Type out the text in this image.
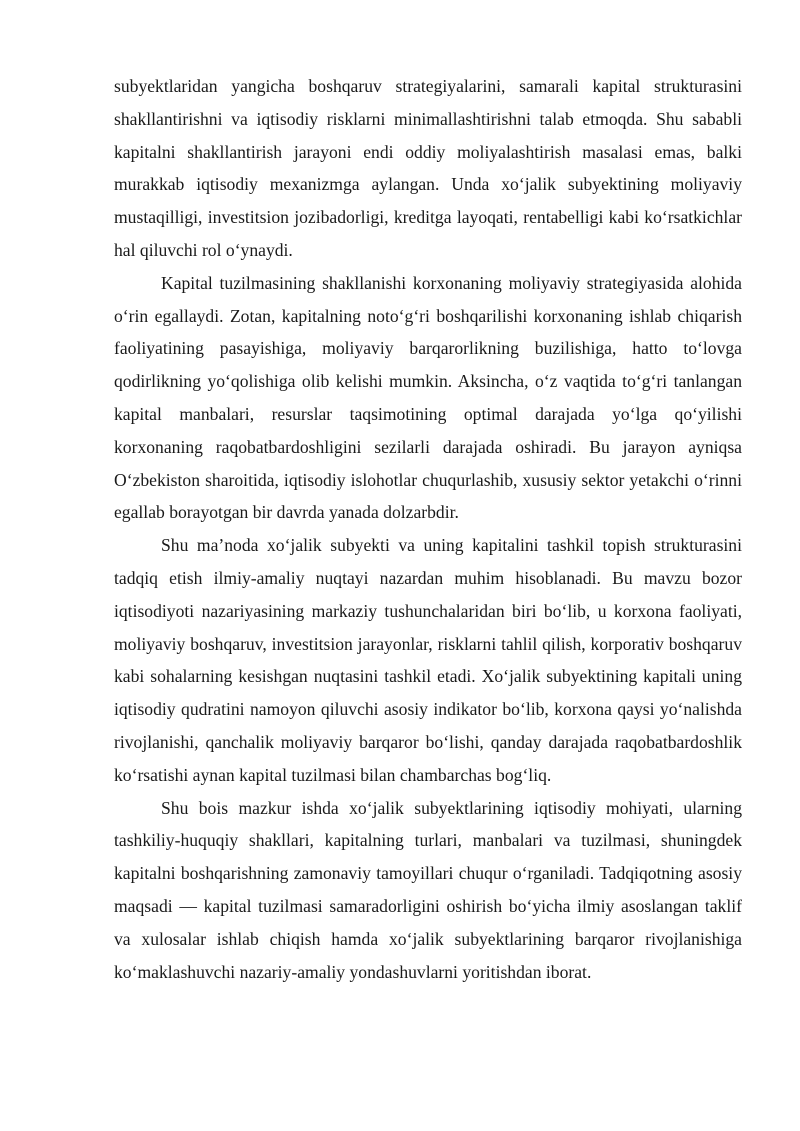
subyektlaridan yangicha boshqaruv strategiyalarini, samarali kapital strukturasini shakllantirishni va iqtisodiy risklarni minimallashtirishni talab etmoqda. Shu sababli kapitalni shakllantirish jarayoni endi oddiy moliyalashtirish masalasi emas, balki murakkab iqtisodiy mexanizmga aylangan. Unda xo‘jalik subyektining moliyaviy mustaqilligi, investitsion jozibadorligi, kreditga layoqati, rentabelligi kabi ko‘rsatkichlar hal qiluvchi rol o‘ynaydi.

Kapital tuzilmasining shakllanishi korxonaning moliyaviy strategiyasida alohida o‘rin egallaydi. Zotan, kapitalning noto‘g‘ri boshqarilishi korxonaning ishlab chiqarish faoliyatining pasayishiga, moliyaviy barqarorlikning buzilishiga, hatto to‘lovga qodirlikning yo‘qolishiga olib kelishi mumkin. Aksincha, o‘z vaqtida to‘g‘ri tanlangan kapital manbalari, resurslar taqsimotining optimal darajada yo‘lga qo‘yilishi korxonaning raqobatbardoshligini sezilarli darajada oshiradi. Bu jarayon ayniqsa O‘zbekiston sharoitida, iqtisodiy islohotlar chuqurlashib, xususiy sektor yetakchi o‘rinni egallab borayotgan bir davrda yanada dolzarbdir.

Shu ma’noda xo‘jalik subyekti va uning kapitalini tashkil topish strukturasini tadqiq etish ilmiy-amaliy nuqtayi nazardan muhim hisoblanadi. Bu mavzu bozor iqtisodiyoti nazariyasining markaziy tushunchalaridan biri bo‘lib, u korxona faoliyati, moliyaviy boshqaruv, investitsion jarayonlar, risklarni tahlil qilish, korporativ boshqaruv kabi sohalarning kesishgan nuqtasini tashkil etadi. Xo‘jalik subyektining kapitali uning iqtisodiy qudratini namoyon qiluvchi asosiy indikator bo‘lib, korxona qaysi yo‘nalishda rivojlanishi, qanchalik moliyaviy barqaror bo‘lishi, qanday darajada raqobatbardoshlik ko‘rsatishi aynan kapital tuzilmasi bilan chambarchas bog‘liq.

Shu bois mazkur ishda xo‘jalik subyektlarining iqtisodiy mohiyati, ularning tashkiliy-huquqiy shakllari, kapitalning turlari, manbalari va tuzilmasi, shuningdek kapitalni boshqarishning zamonaviy tamoyillari chuqur o‘rganiladi. Tadqiqotning asosiy maqsadi — kapital tuzilmasi samaradorligini oshirish bo‘yicha ilmiy asoslangan taklif va xulosalar ishlab chiqish hamda xo‘jalik subyektlarining barqaror rivojlanishiga ko‘maklashuvchi nazariy-amaliy yondashuvlarni yoritishdan iborat.
